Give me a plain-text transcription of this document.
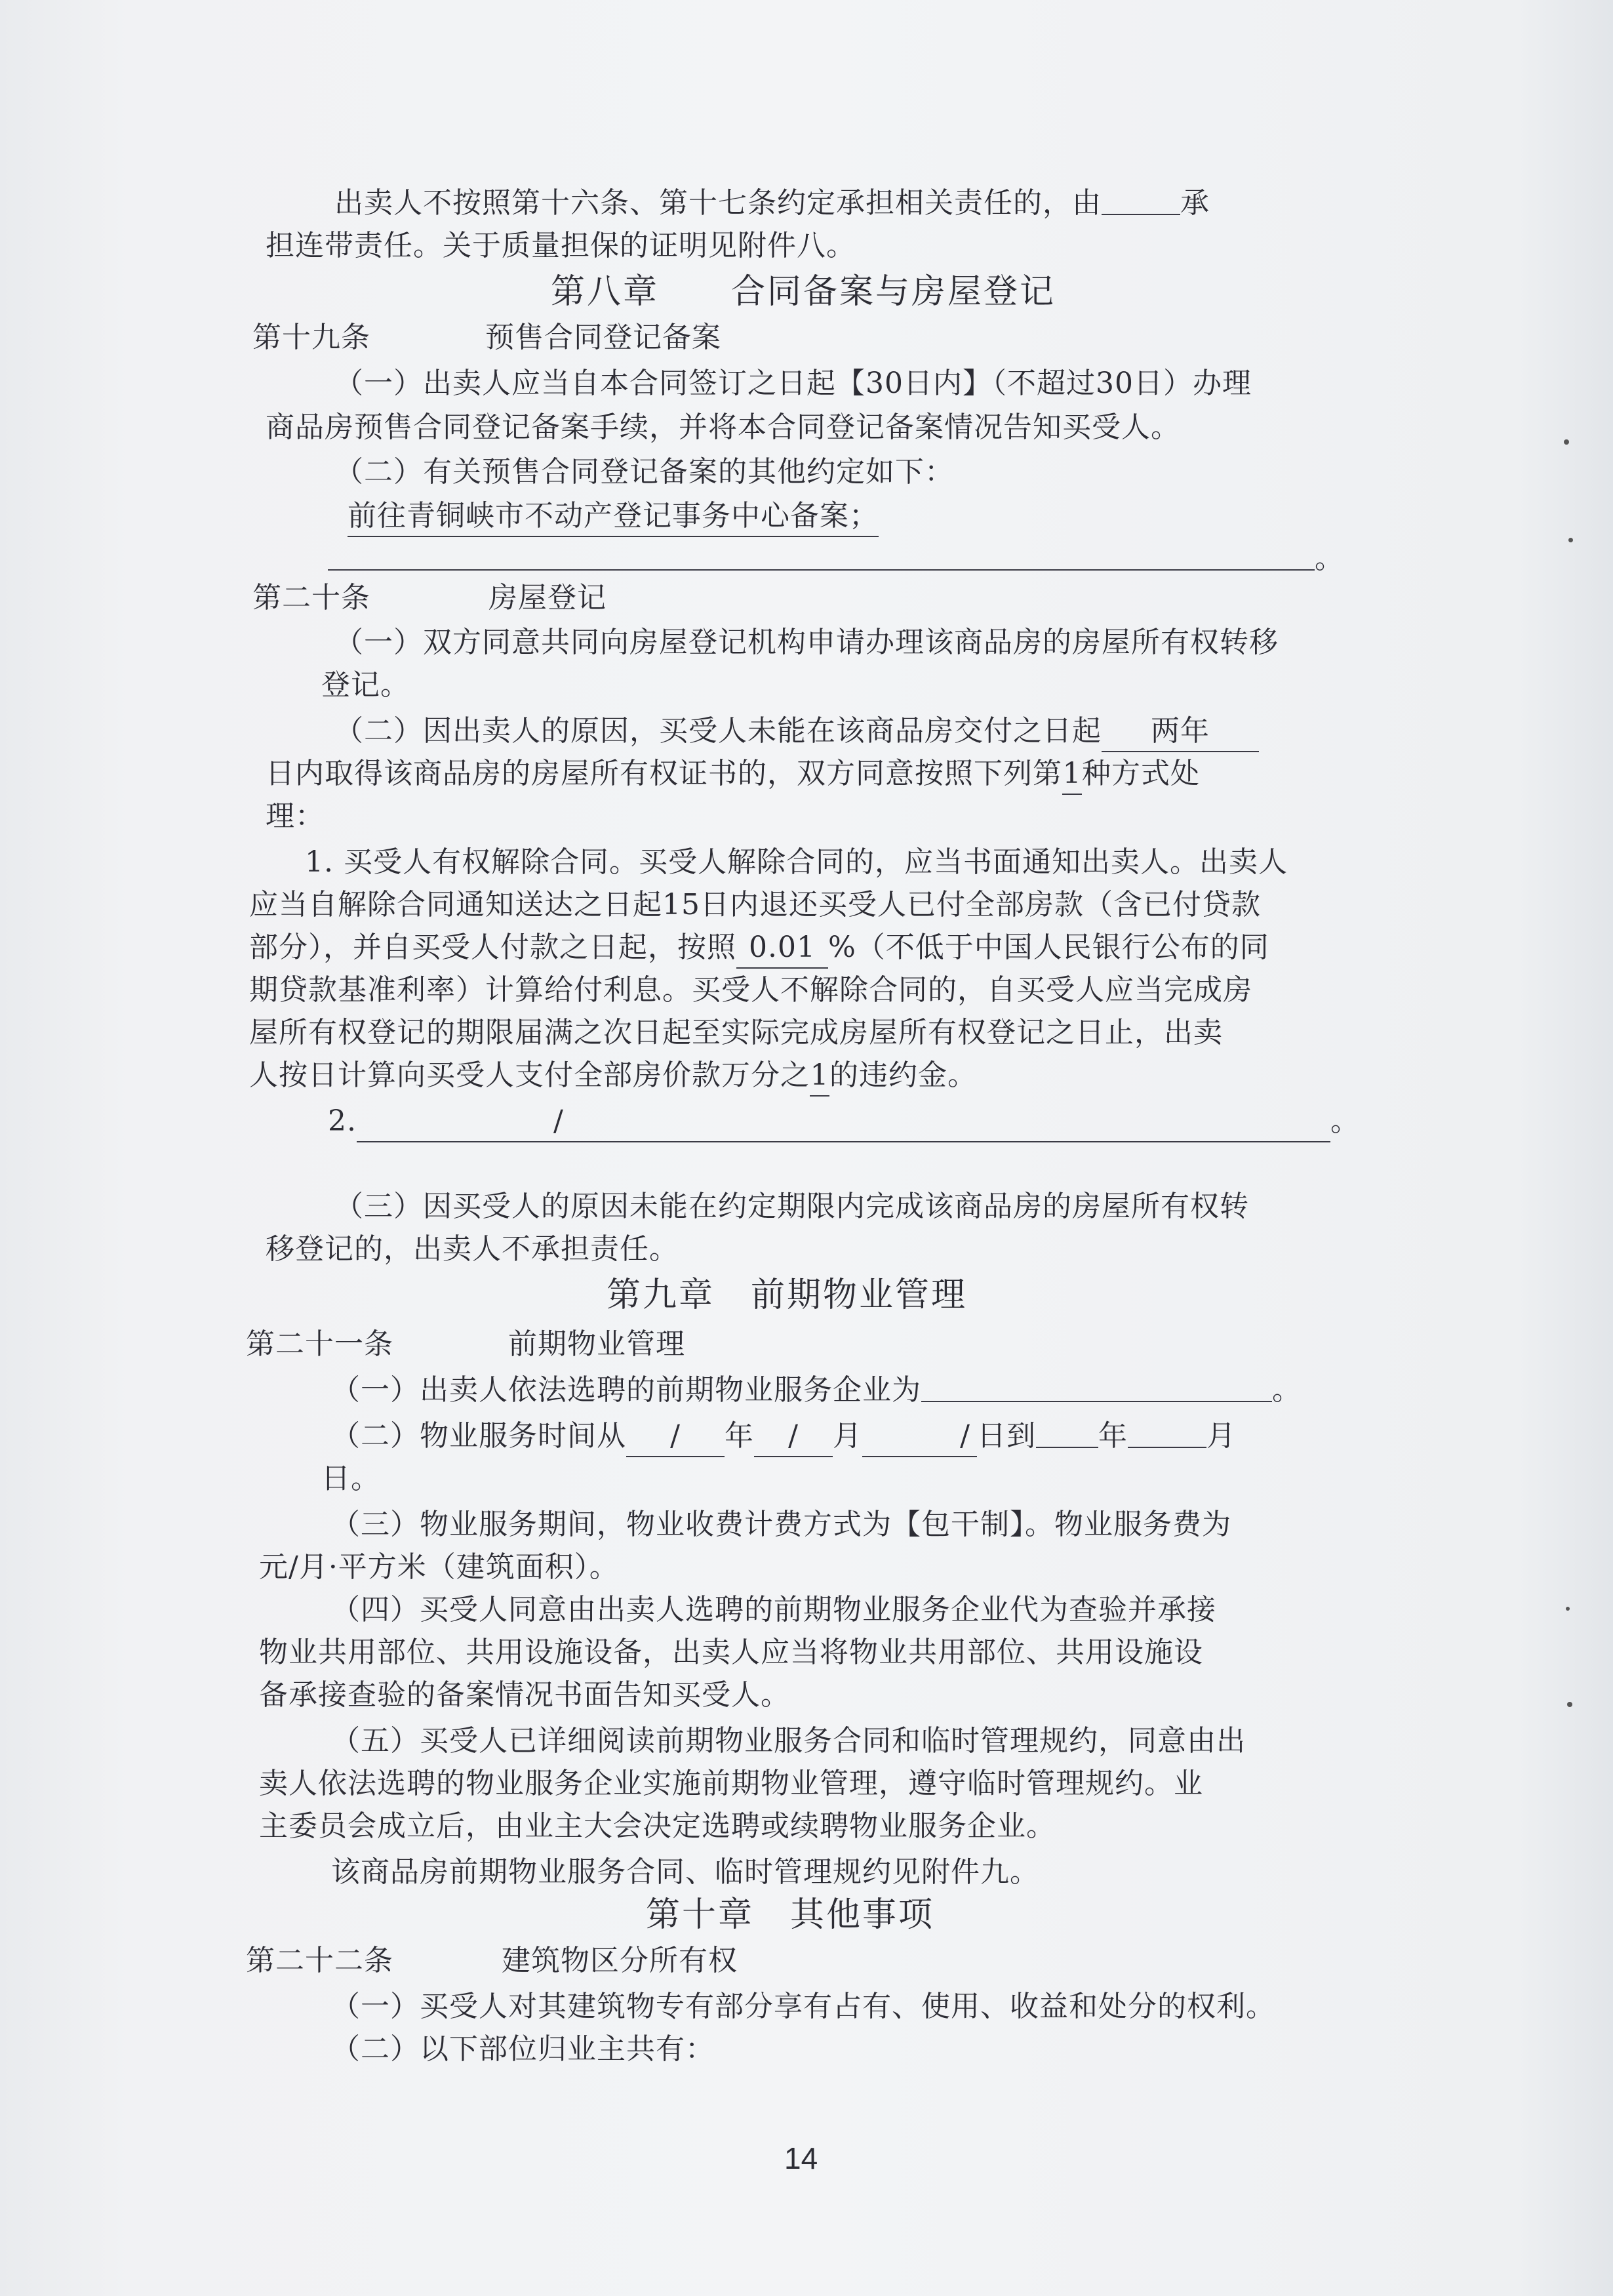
出卖人不按照第十六条、第十七条约定承担相关责任的，由	承
担连带责任。关于质量担保的证明见附件八。
第八章　　合同备案与房屋登记
第十九条	预售合同登记备案
（一）出卖人应当自本合同签订之日起【30日内】（不超过30日）办理
商品房预售合同登记备案手续，并将本合同登记备案情况告知买受人。
（二）有关预售合同登记备案的其他约定如下：
前往青铜峡市不动产登记事务中心备案；
。
第二十条	房屋登记
（一）双方同意共同向房屋登记机构申请办理该商品房的房屋所有权转移
登记。
（二）因出卖人的原因，买受人未能在该商品房交付之日起 两年
日内取得该商品房的房屋所有权证书的，双方同意按照下列第1种方式处
理：
1. 买受人有权解除合同。买受人解除合同的，应当书面通知出卖人。出卖人
应当自解除合同通知送达之日起15日内退还买受人已付全部房款（含已付贷款
部分），并自买受人付款之日起，按照 0.01 %（不低于中国人民银行公布的同
期贷款基准利率）计算给付利息。买受人不解除合同的，自买受人应当完成房
屋所有权登记的期限届满之次日起至实际完成房屋所有权登记之日止，出卖
人按日计算向买受人支付全部房价款万分之1的违约金。
2.	/	。
（三）因买受人的原因未能在约定期限内完成该商品房的房屋所有权转
移登记的，出卖人不承担责任。
第九章　前期物业管理
第二十一条	前期物业管理
（一）出卖人依法选聘的前期物业服务企业为	。
（二）物业服务时间从 / 年 / 月	/ 日到 年	月
日。
（三）物业服务期间，物业收费计费方式为【包干制】。物业服务费为
元/月·平方米（建筑面积）。
（四）买受人同意由出卖人选聘的前期物业服务企业代为查验并承接
物业共用部位、共用设施设备，出卖人应当将物业共用部位、共用设施设
备承接查验的备案情况书面告知买受人。
（五）买受人已详细阅读前期物业服务合同和临时管理规约，同意由出
卖人依法选聘的物业服务企业实施前期物业管理，遵守临时管理规约。业
主委员会成立后，由业主大会决定选聘或续聘物业服务企业。
该商品房前期物业服务合同、临时管理规约见附件九。
第十章　其他事项
第二十二条	建筑物区分所有权
（一）买受人对其建筑物专有部分享有占有、使用、收益和处分的权利。
（二）以下部位归业主共有：
14
